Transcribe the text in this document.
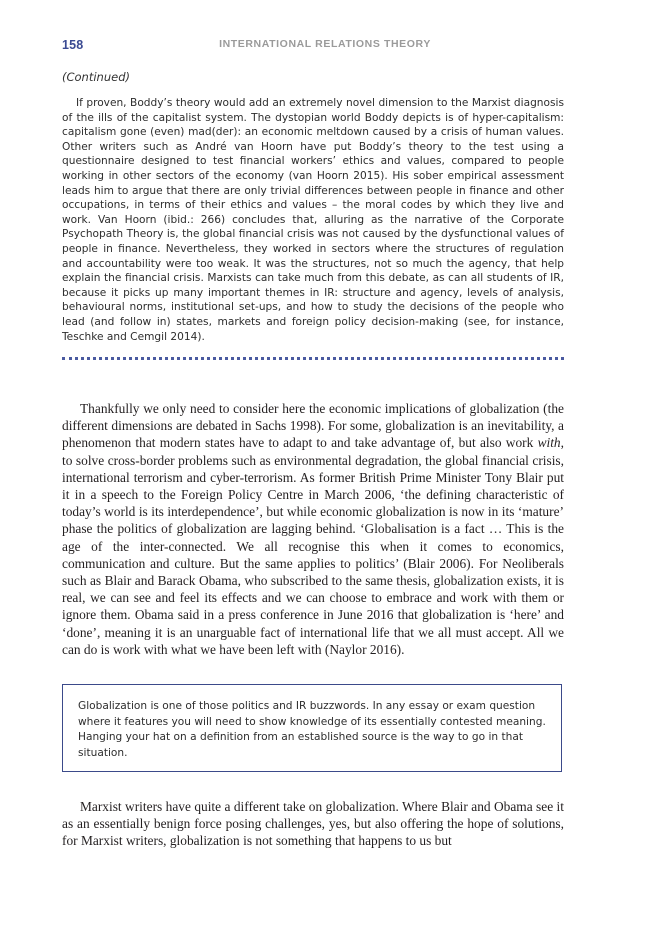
158	INTERNATIONAL RELATIONS THEORY
(Continued)

If proven, Boddy’s theory would add an extremely novel dimension to the Marxist diagnosis of the ills of the capitalist system. The dystopian world Boddy depicts is of hyper-capitalism: capitalism gone (even) mad(der): an economic meltdown caused by a crisis of human values. Other writers such as André van Hoorn have put Boddy’s theory to the test using a questionnaire designed to test financial workers’ ethics and values, compared to people working in other sectors of the economy (van Hoorn 2015). His sober empirical assessment leads him to argue that there are only trivial differences between people in finance and other occupations, in terms of their ethics and values – the moral codes by which they live and work. Van Hoorn (ibid.: 266) concludes that, alluring as the narrative of the Corporate Psychopath Theory is, the global financial crisis was not caused by the dysfunctional values of people in finance. Nevertheless, they worked in sectors where the structures of regulation and accountability were too weak. It was the structures, not so much the agency, that help explain the financial crisis. Marxists can take much from this debate, as can all students of IR, because it picks up many important themes in IR: structure and agency, levels of analysis, behavioural norms, institutional set-ups, and how to study the decisions of the people who lead (and follow in) states, markets and foreign policy decision-making (see, for instance, Teschke and Cemgil 2014).

Thankfully we only need to consider here the economic implications of globalization (the different dimensions are debated in Sachs 1998). For some, globalization is an inevitability, a phenomenon that modern states have to adapt to and take advantage of, but also work with, to solve cross-border problems such as environmental degradation, the global financial crisis, international terrorism and cyber-terrorism. As former British Prime Minister Tony Blair put it in a speech to the Foreign Policy Centre in March 2006, ‘the defining characteristic of today’s world is its interdependence’, but while economic globalization is now in its ‘mature’ phase the politics of globalization are lagging behind. ‘Globalisation is a fact … This is the age of the inter-connected. We all recognise this when it comes to economics, communication and culture. But the same applies to politics’ (Blair 2006). For Neoliberals such as Blair and Barack Obama, who subscribed to the same thesis, globalization exists, it is real, we can see and feel its effects and we can choose to embrace and work with them or ignore them. Obama said in a press conference in June 2016 that globalization is ‘here’ and ‘done’, meaning it is an unarguable fact of international life that we all must accept. All we can do is work with what we have been left with (Naylor 2016).

Globalization is one of those politics and IR buzzwords. In any essay or exam question where it features you will need to show knowledge of its essentially contested meaning. Hanging your hat on a definition from an established source is the way to go in that situation.

Marxist writers have quite a different take on globalization. Where Blair and Obama see it as an essentially benign force posing challenges, yes, but also offering the hope of solutions, for Marxist writers, globalization is not something that happens to us but
